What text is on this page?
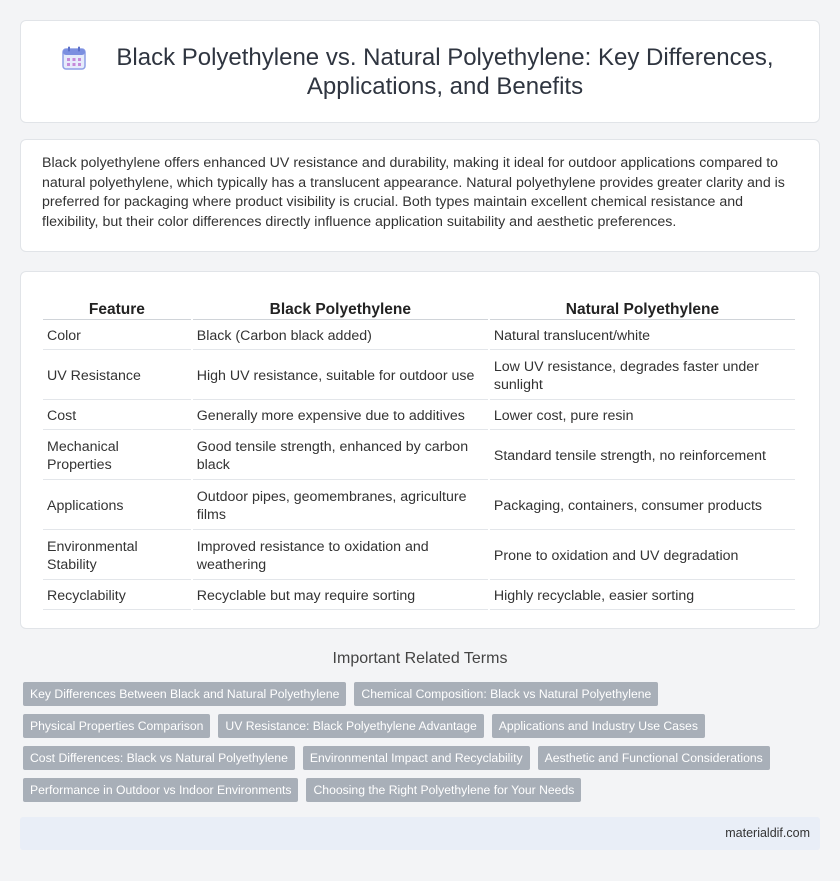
Black Polyethylene vs. Natural Polyethylene: Key Differences, Applications, and Benefits

Black polyethylene offers enhanced UV resistance and durability, making it ideal for outdoor applications compared to natural polyethylene, which typically has a translucent appearance. Natural polyethylene provides greater clarity and is preferred for packaging where product visibility is crucial. Both types maintain excellent chemical resistance and flexibility, but their color differences directly influence application suitability and aesthetic preferences.

Feature	Black Polyethylene	Natural Polyethylene
Color	Black (Carbon black added)	Natural translucent/white
UV Resistance	High UV resistance, suitable for outdoor use	Low UV resistance, degrades faster under sunlight
Cost	Generally more expensive due to additives	Lower cost, pure resin
Mechanical Properties	Good tensile strength, enhanced by carbon black	Standard tensile strength, no reinforcement
Applications	Outdoor pipes, geomembranes, agriculture films	Packaging, containers, consumer products
Environmental Stability	Improved resistance to oxidation and weathering	Prone to oxidation and UV degradation
Recyclability	Recyclable but may require sorting	Highly recyclable, easier sorting
Important Related Terms
Key Differences Between Black and Natural Polyethylene	Chemical Composition: Black vs Natural Polyethylene
Physical Properties Comparison	UV Resistance: Black Polyethylene Advantage	Applications and Industry Use Cases
Cost Differences: Black vs Natural Polyethylene	Environmental Impact and Recyclability	Aesthetic and Functional Considerations
Performance in Outdoor vs Indoor Environments	Choosing the Right Polyethylene for Your Needs
materialdif.com
